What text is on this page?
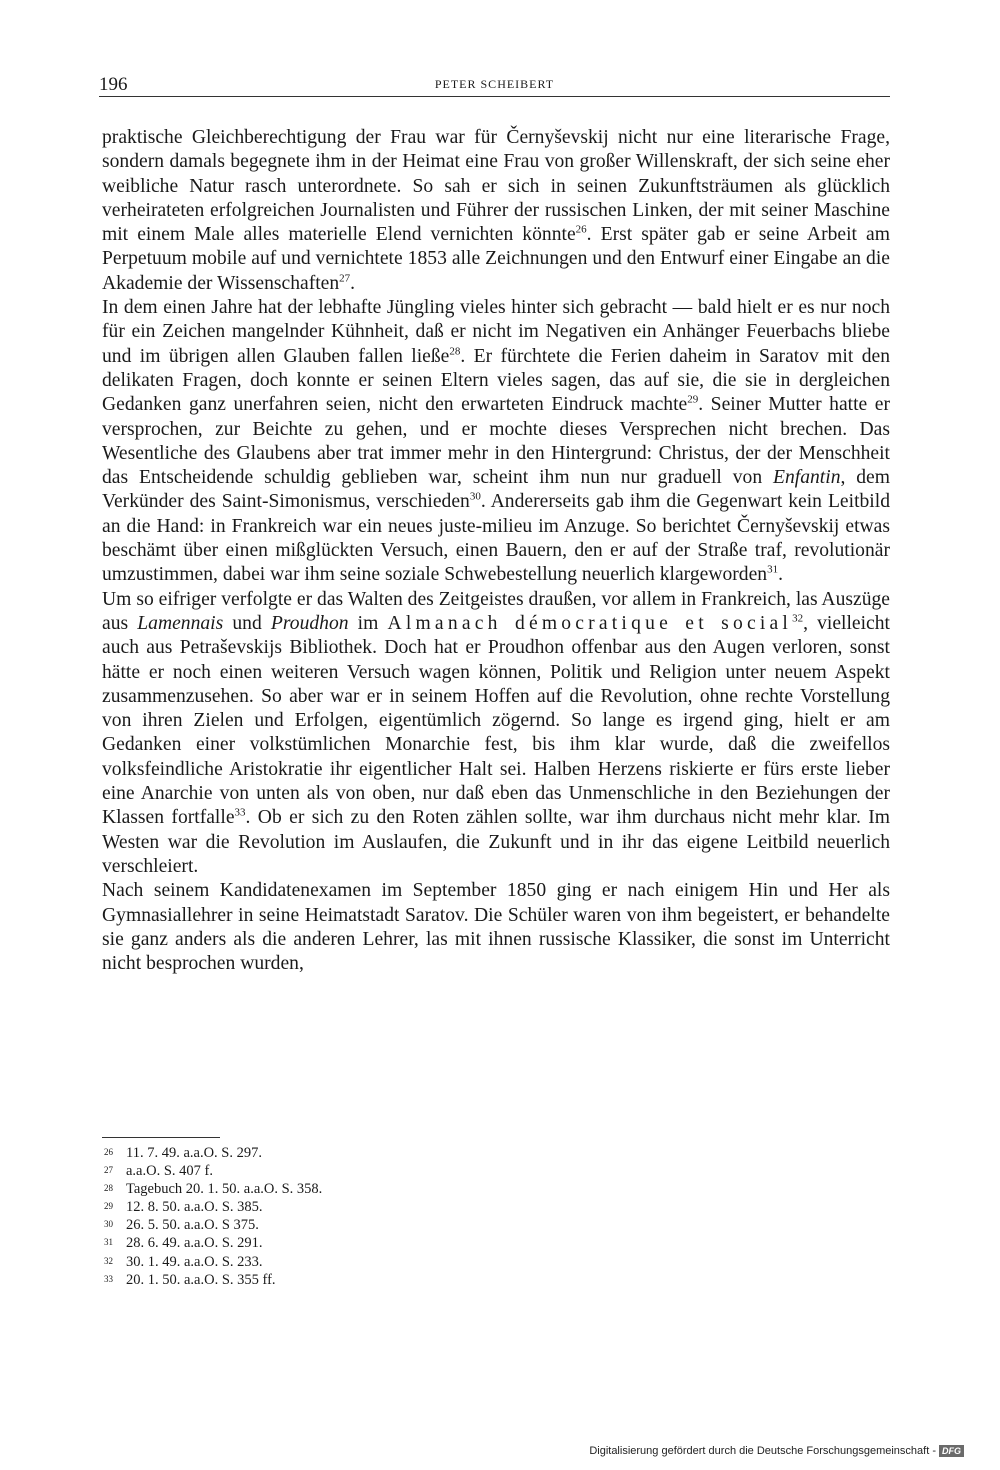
196	PETER SCHEIBERT

praktische Gleichberechtigung der Frau war für Černyševskij nicht nur eine literarische Frage, sondern damals begegnete ihm in der Heimat eine Frau von großer Willenskraft, der sich seine eher weibliche Natur rasch unterordnete. So sah er sich in seinen Zukunftsträumen als glücklich verheirateten erfolgreichen Journalisten und Führer der russischen Linken, der mit seiner Maschine mit einem Male alles materielle Elend vernichten könnte$^{26}$. Erst später gab er seine Arbeit am Perpetuum mobile auf und vernichtete 1853 alle Zeichnungen und den Entwurf einer Eingabe an die Akademie der Wissenschaften$^{27}$.

In dem einen Jahre hat der lebhafte Jüngling vieles hinter sich gebracht — bald hielt er es nur noch für ein Zeichen mangelnder Kühnheit, daß er nicht im Negativen ein Anhänger Feuerbachs bliebe und im übrigen allen Glauben fallen ließe$^{28}$. Er fürchtete die Ferien daheim in Saratov mit den delikaten Fragen, doch konnte er seinen Eltern vieles sagen, das auf sie, die sie in dergleichen Gedanken ganz unerfahren seien, nicht den erwarteten Eindruck machte$^{29}$. Seiner Mutter hatte er versprochen, zur Beichte zu gehen, und er mochte dieses Versprechen nicht brechen. Das Wesentliche des Glaubens aber trat immer mehr in den Hintergrund: Christus, der der Menschheit das Entscheidende schuldig geblieben war, scheint ihm nun nur graduell von Enfantin, dem Verkünder des Saint-Simonismus, verschieden$^{30}$. Andererseits gab ihm die Gegenwart kein Leitbild an die Hand: in Frankreich war ein neues juste-milieu im Anzuge. So berichtet Černyševskij etwas beschämt über einen mißglückten Versuch, einen Bauern, den er auf der Straße traf, revolutionär umzustimmen, dabei war ihm seine soziale Schwebestellung neuerlich klargeworden$^{31}$.

Um so eifriger verfolgte er das Walten des Zeitgeistes draußen, vor allem in Frankreich, las Auszüge aus Lamennais und Proudhon im Almanach démocratique et social$^{32}$, vielleicht auch aus Petraševskijs Bibliothek. Doch hat er Proudhon offenbar aus den Augen verloren, sonst hätte er noch einen weiteren Versuch wagen können, Politik und Religion unter neuem Aspekt zusammenzusehen. So aber war er in seinem Hoffen auf die Revolution, ohne rechte Vorstellung von ihren Zielen und Erfolgen, eigentümlich zögernd. So lange es irgend ging, hielt er am Gedanken einer volkstümlichen Monarchie fest, bis ihm klar wurde, daß die zweifellos volksfeindliche Aristokratie ihr eigentlicher Halt sei. Halben Herzens riskierte er fürs erste lieber eine Anarchie von unten als von oben, nur daß eben das Unmenschliche in den Beziehungen der Klassen fortfalle$^{33}$. Ob er sich zu den Roten zählen sollte, war ihm durchaus nicht mehr klar. Im Westen war die Revolution im Auslaufen, die Zukunft und in ihr das eigene Leitbild neuerlich verschleiert.

Nach seinem Kandidatenexamen im September 1850 ging er nach einigem Hin und Her als Gymnasiallehrer in seine Heimatstadt Saratov. Die Schüler waren von ihm begeistert, er behandelte sie ganz anders als die anderen Lehrer, las mit ihnen russische Klassiker, die sonst im Unterricht nicht besprochen wurden,

26 11. 7. 49. a.a.O. S. 297.
27 a.a.O. S. 407 f.
28 Tagebuch 20. 1. 50. a.a.O. S. 358.
29 12. 8. 50. a.a.O. S. 385.
30 26. 5. 50. a.a.O. S 375.
31 28. 6. 49. a.a.O. S. 291.
32 30. 1. 49. a.a.O. S. 233.
33 20. 1. 50. a.a.O. S. 355 ff.
Digitalisierung gefördert durch die Deutsche Forschungsgemeinschaft - DFG
